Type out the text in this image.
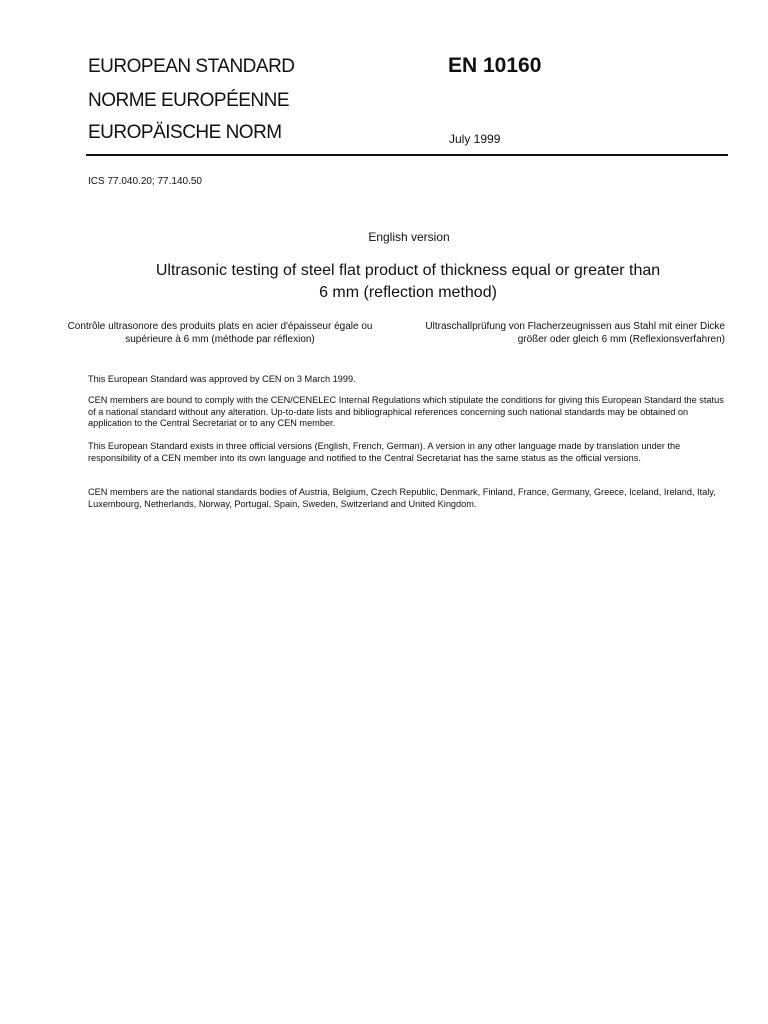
EUROPEAN STANDARD
NORME EUROPÉENNE
EUROPÄISCHE NORM
EN 10160
July 1999
ICS 77.040.20; 77.140.50
English version
Ultrasonic testing of steel flat product of thickness equal or greater than 6 mm (reflection method)
Contrôle ultrasonore des produits plats en acier d'épaisseur égale ou supérieure à 6 mm (méthode par réflexion)
Ultraschallprüfung von Flacherzeugnissen aus Stahl mit einer Dicke größer oder gleich 6 mm (Reflexionsverfahren)

This European Standard was approved by CEN on 3 March 1999.

CEN members are bound to comply with the CEN/CENELEC Internal Regulations which stipulate the conditions for giving this European Standard the status of a national standard without any alteration. Up-to-date lists and bibliographical references concerning such national standards may be obtained on application to the Central Secretariat or to any CEN member.

This European Standard exists in three official versions (English, French, German). A version in any other language made by translation under the responsibility of a CEN member into its own language and notified to the Central Secretariat has the same status as the official versions.

CEN members are the national standards bodies of Austria, Belgium, Czech Republic, Denmark, Finland, France, Germany, Greece, Iceland, Ireland, Italy, Luxembourg, Netherlands, Norway, Portugal, Spain, Sweden, Switzerland and United Kingdom.
